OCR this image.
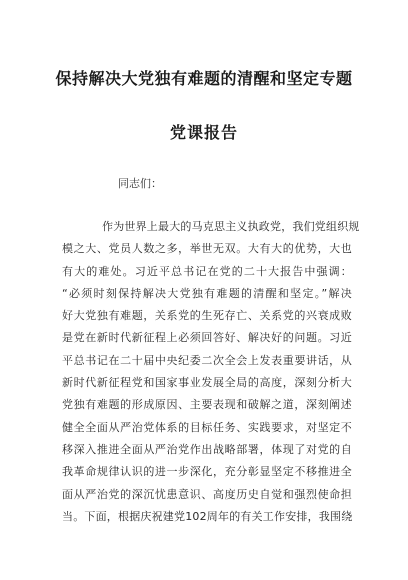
保持解决大党独有难题的清醒和坚定专题
党课报告
同志们：
作为世界上最大的马克思主义执政党，我们党组织规
模之大、党员人数之多，举世无双。大有大的优势，大也
有大的难处。习近平总书记在党的二十大报告中强调：
“必须时刻保持解决大党独有难题的清醒和坚定。”解决
好大党独有难题，关系党的生死存亡、关系党的兴衰成败
是党在新时代新征程上必须回答好、解决好的问题。习近
平总书记在二十届中央纪委二次全会上发表重要讲话，从
新时代新征程党和国家事业发展全局的高度，深刻分析大
党独有难题的形成原因、主要表现和破解之道，深刻阐述
健全全面从严治党体系的目标任务、实践要求，对坚定不
移深入推进全面从严治党作出战略部署，体现了对党的自
我革命规律认识的进一步深化，充分彰显坚定不移推进全
面从严治党的深沉忧患意识、高度历史自觉和强烈使命担
当。下面，根据庆祝建党102周年的有关工作安排，我围绕
